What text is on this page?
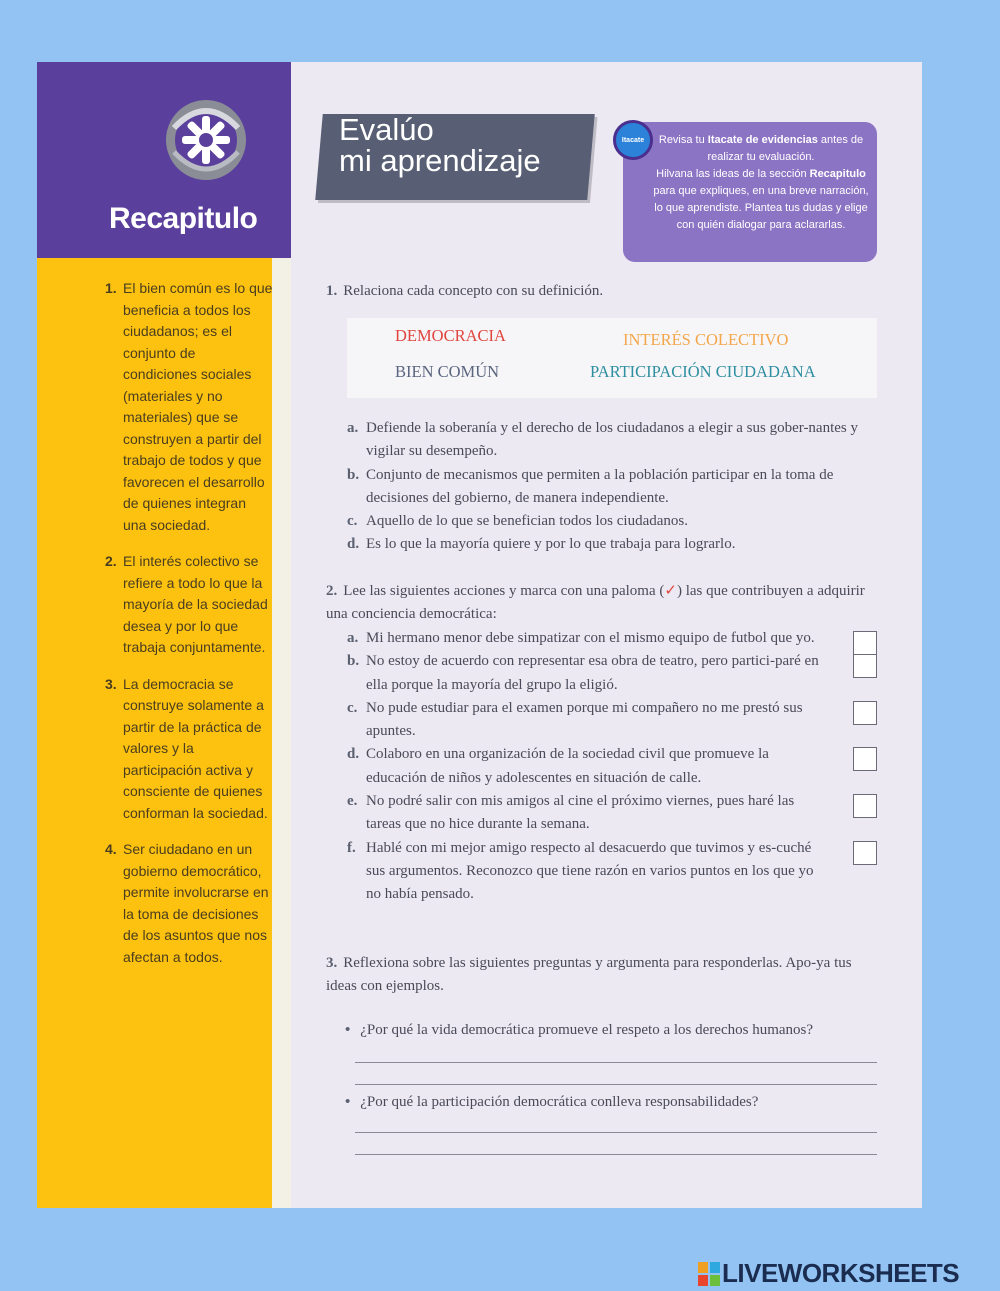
Recapitulo
1. El bien común es lo que beneficia a todos los ciudadanos; es el conjunto de condiciones sociales (materiales y no materiales) que se construyen a partir del trabajo de todos y que favorecen el desarrollo de quienes integran una sociedad.
2. El interés colectivo se refiere a todo lo que la mayoría de la sociedad desea y por lo que trabaja conjuntamente.
3. La democracia se construye solamente a partir de la práctica de valores y la participación activa y consciente de quienes conforman la sociedad.
4. Ser ciudadano en un gobierno democrático, permite involucrarse en la toma de decisiones de los asuntos que nos afectan a todos.
Evalúo
mi aprendizaje
Revisa tu Itacate de evidencias antes de realizar tu evaluación.
Hilvana las ideas de la sección Recapitulo para que expliques, en una breve narración, lo que aprendiste. Plantea tus dudas y elige con quién dialogar para aclararlas.
Itacate
1. Relaciona cada concepto con su definición.
DEMOCRACIA	INTERÉS COLECTIVO
BIEN COMÚN	PARTICIPACIÓN CIUDADANA
a. Defiende la soberanía y el derecho de los ciudadanos a elegir a sus gober-nantes y vigilar su desempeño.
b. Conjunto de mecanismos que permiten a la población participar en la toma de decisiones del gobierno, de manera independiente.
c. Aquello de lo que se benefician todos los ciudadanos.
d. Es lo que la mayoría quiere y por lo que trabaja para lograrlo.
2. Lee las siguientes acciones y marca con una paloma (✓) las que contribuyen a adquirir una conciencia democrática:
a. Mi hermano menor debe simpatizar con el mismo equipo de futbol que yo.
b. No estoy de acuerdo con representar esa obra de teatro, pero partici-paré en ella porque la mayoría del grupo la eligió.
c. No pude estudiar para el examen porque mi compañero no me prestó sus apuntes.
d. Colaboro en una organización de la sociedad civil que promueve la educación de niños y adolescentes en situación de calle.
e. No podré salir con mis amigos al cine el próximo viernes, pues haré las tareas que no hice durante la semana.
f. Hablé con mi mejor amigo respecto al desacuerdo que tuvimos y es-cuché sus argumentos. Reconozco que tiene razón en varios puntos en los que yo no había pensado.
3. Reflexiona sobre las siguientes preguntas y argumenta para responderlas. Apo-ya tus ideas con ejemplos.
• ¿Por qué la vida democrática promueve el respeto a los derechos humanos?
• ¿Por qué la participación democrática conlleva responsabilidades?
LIVEWORKSHEETS
